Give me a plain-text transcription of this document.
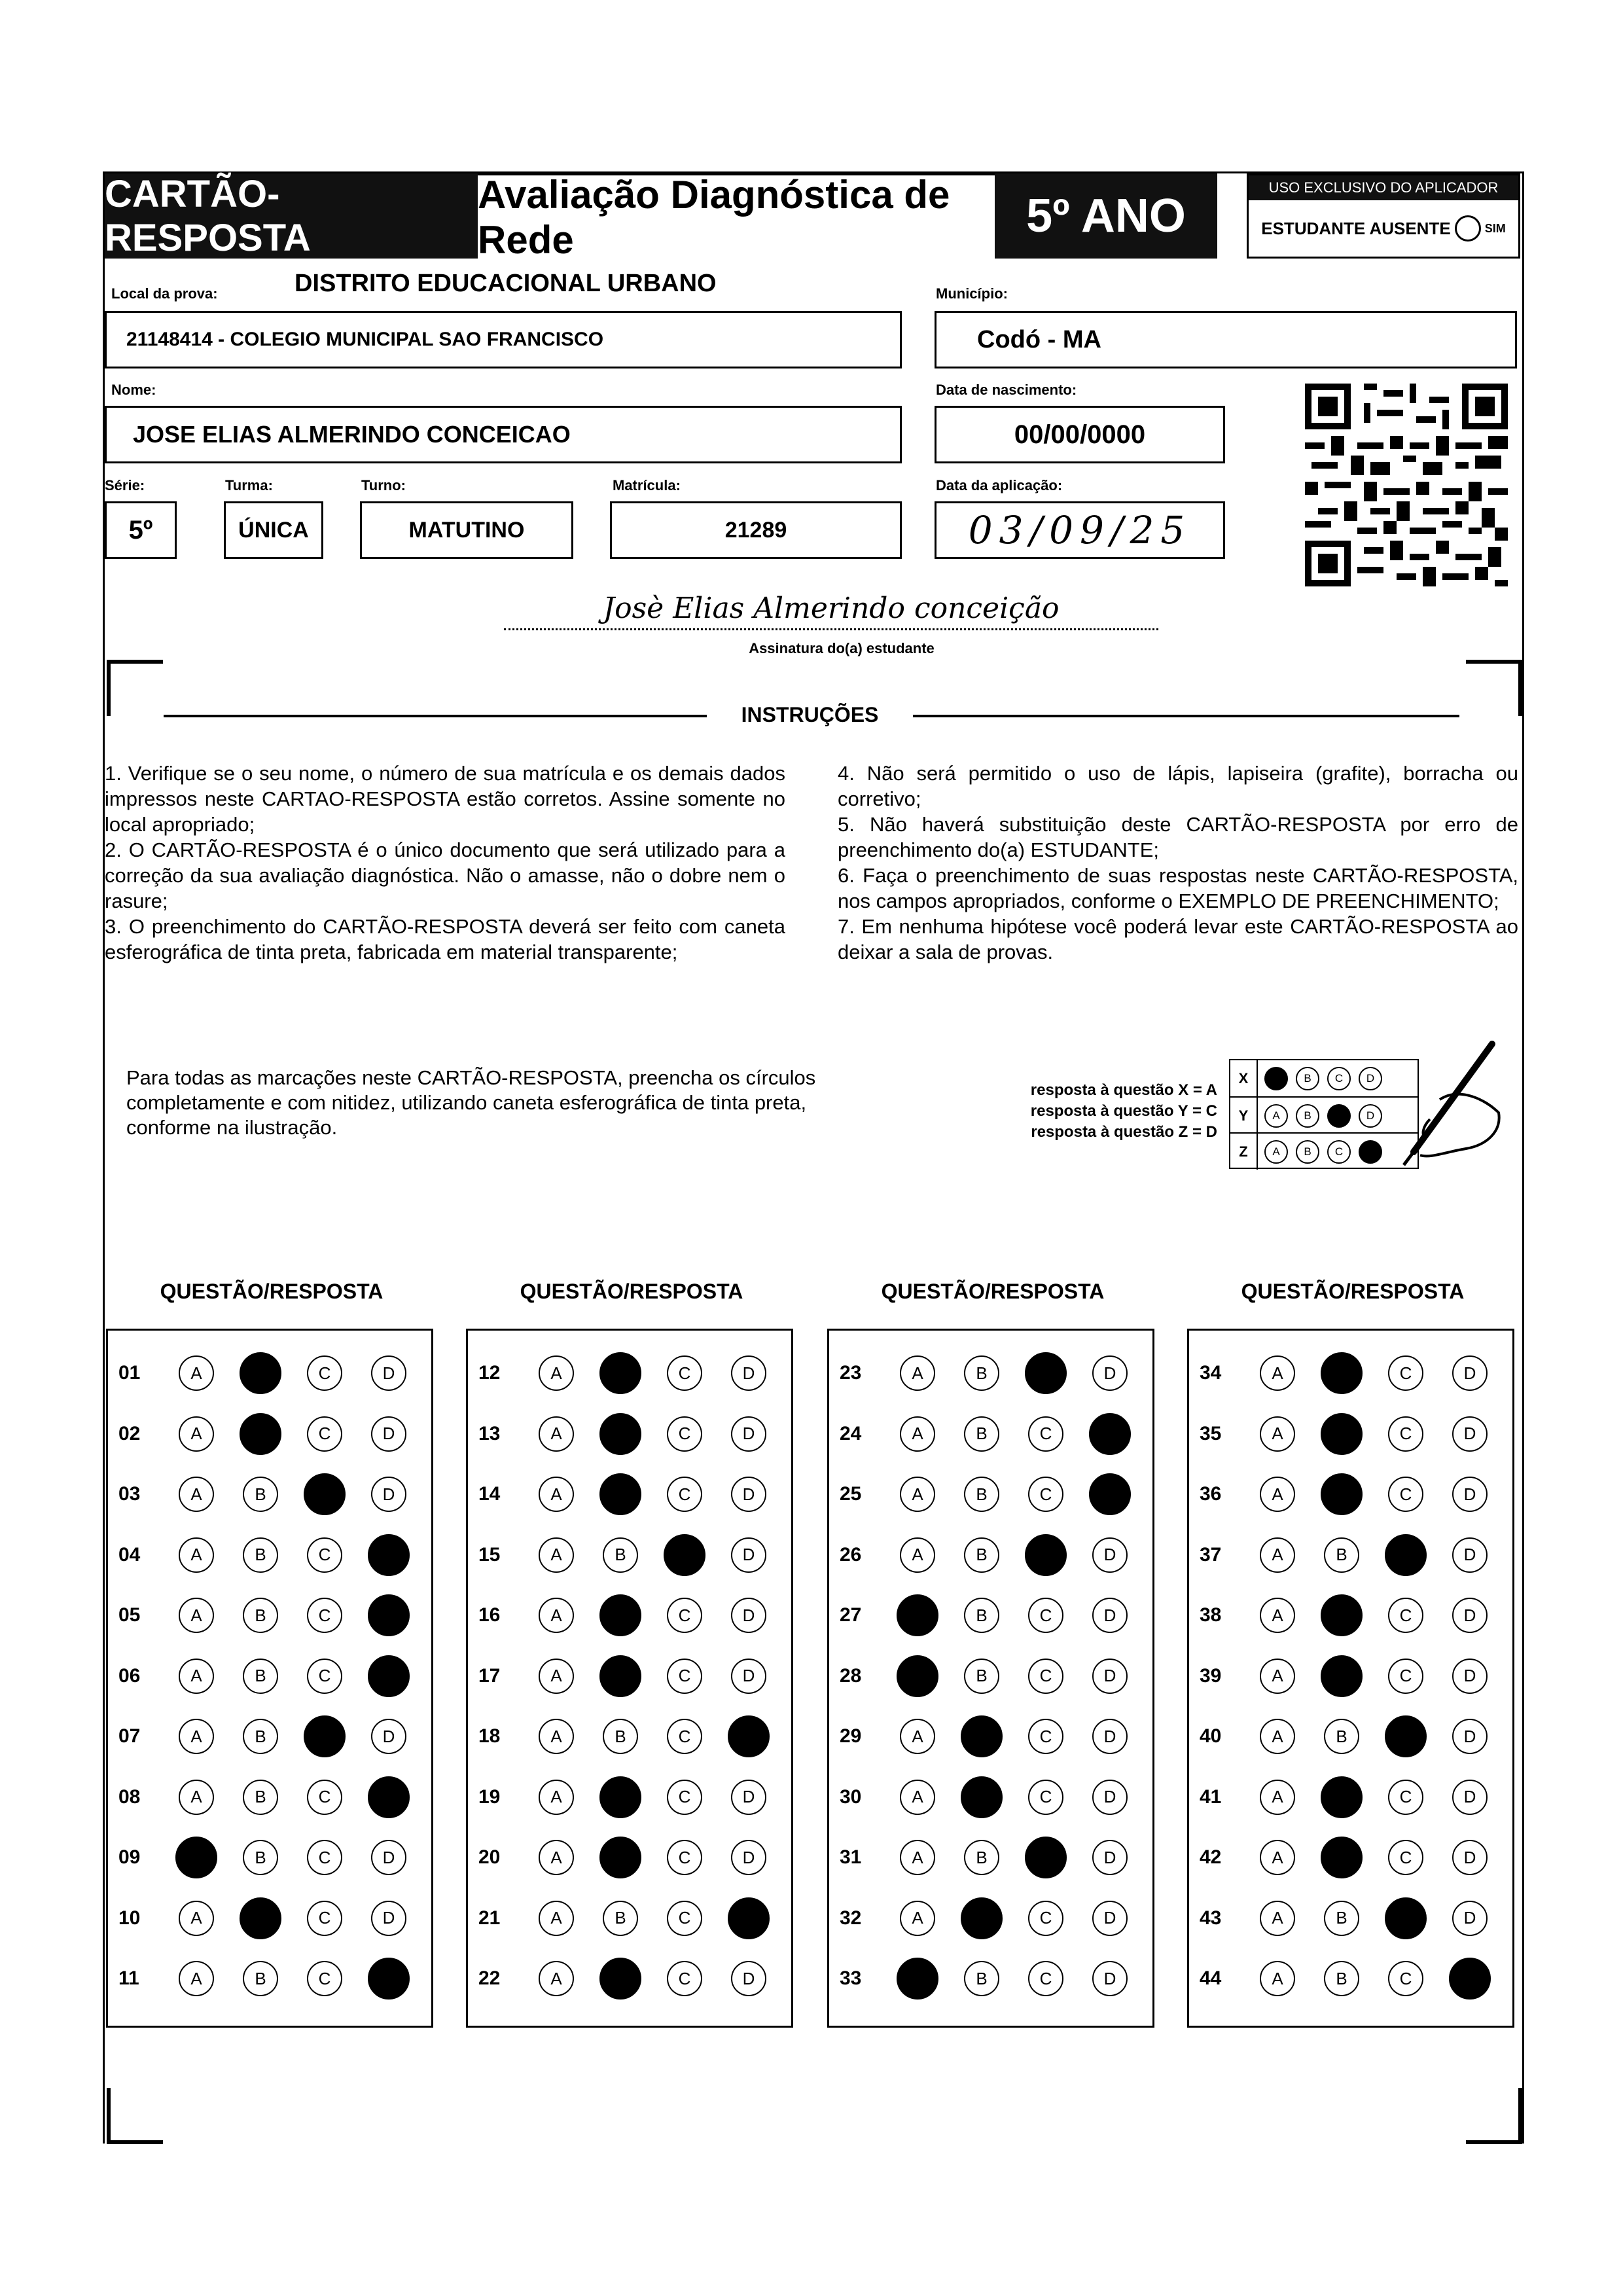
CARTÃO-RESPOSTA
Avaliação Diagnóstica de Rede	5º ANO
USO EXCLUSIVO DO APLICADOR
ESTUDANTE AUSENTE	SIM
Local da prova:	DISTRITO EDUCACIONAL URBANO
21148414 - COLEGIO MUNICIPAL SAO FRANCISCO
Município:
Codó - MA
Nome:
JOSE ELIAS ALMERINDO CONCEICAO
Data de nascimento:
00/00/0000
Série:
5º
Turma:
ÚNICA
Turno:
MATUTINO
Matrícula:
21289
Data da aplicação:
03/09/25
Josè Elias Almerindo conceição
Assinatura do(a) estudante
INSTRUÇÕES

1. Verifique se o seu nome, o número de sua matrícula e os demais dados impressos neste CARTAO-RESPOSTA estão corretos. Assine somente no local apropriado;

2. O CARTÃO-RESPOSTA é o único documento que será utilizado para a correção da sua avaliação diagnóstica. Não o amasse, não o dobre nem o rasure;

3. O preenchimento do CARTÃO-RESPOSTA deverá ser feito com caneta esferográfica de tinta preta, fabricada em material transparente;

4. Não será permitido o uso de lápis, lapiseira (grafite), borracha ou corretivo;

5. Não haverá substituição deste CARTÃO-RESPOSTA por erro de preenchimento do(a) ESTUDANTE;

6. Faça o preenchimento de suas respostas neste CARTÃO-RESPOSTA, nos campos apropriados, conforme o EXEMPLO DE PREENCHIMENTO;

7. Em nenhuma hipótese você poderá levar este CARTÃO-RESPOSTA ao deixar a sala de provas.

Para todas as marcações neste CARTÃO-RESPOSTA, preencha os círculos completamente e com nitidez, utilizando caneta esferográfica de tinta preta, conforme na ilustração.
resposta à questão X = A
resposta à questão Y = C
resposta à questão Z = D
X	A	B	C	D
Y	A	B	C	D
Z	A	B	C	D
QUESTÃO/RESPOSTA	QUESTÃO/RESPOSTA	QUESTÃO/RESPOSTA	QUESTÃO/RESPOSTA
01	A	B	C	D
02	A	B	C	D
03	A	B	C	D
04	A	B	C	D
05	A	B	C	D
06	A	B	C	D
07	A	B	C	D
08	A	B	C	D
09	A	B	C	D
10	A	B	C	D
11	A	B	C	D
12	A	B	C	D
13	A	B	C	D
14	A	B	C	D
15	A	B	C	D
16	A	B	C	D
17	A	B	C	D
18	A	B	C	D
19	A	B	C	D
20	A	B	C	D
21	A	B	C	D
22	A	B	C	D
23	A	B	C	D
24	A	B	C	D
25	A	B	C	D
26	A	B	C	D
27	A	B	C	D
28	A	B	C	D
29	A	B	C	D
30	A	B	C	D
31	A	B	C	D
32	A	B	C	D
33	A	B	C	D
34	A	B	C	D
35	A	B	C	D
36	A	B	C	D
37	A	B	C	D
38	A	B	C	D
39	A	B	C	D
40	A	B	C	D
41	A	B	C	D
42	A	B	C	D
43	A	B	C	D
44	A	B	C	D
